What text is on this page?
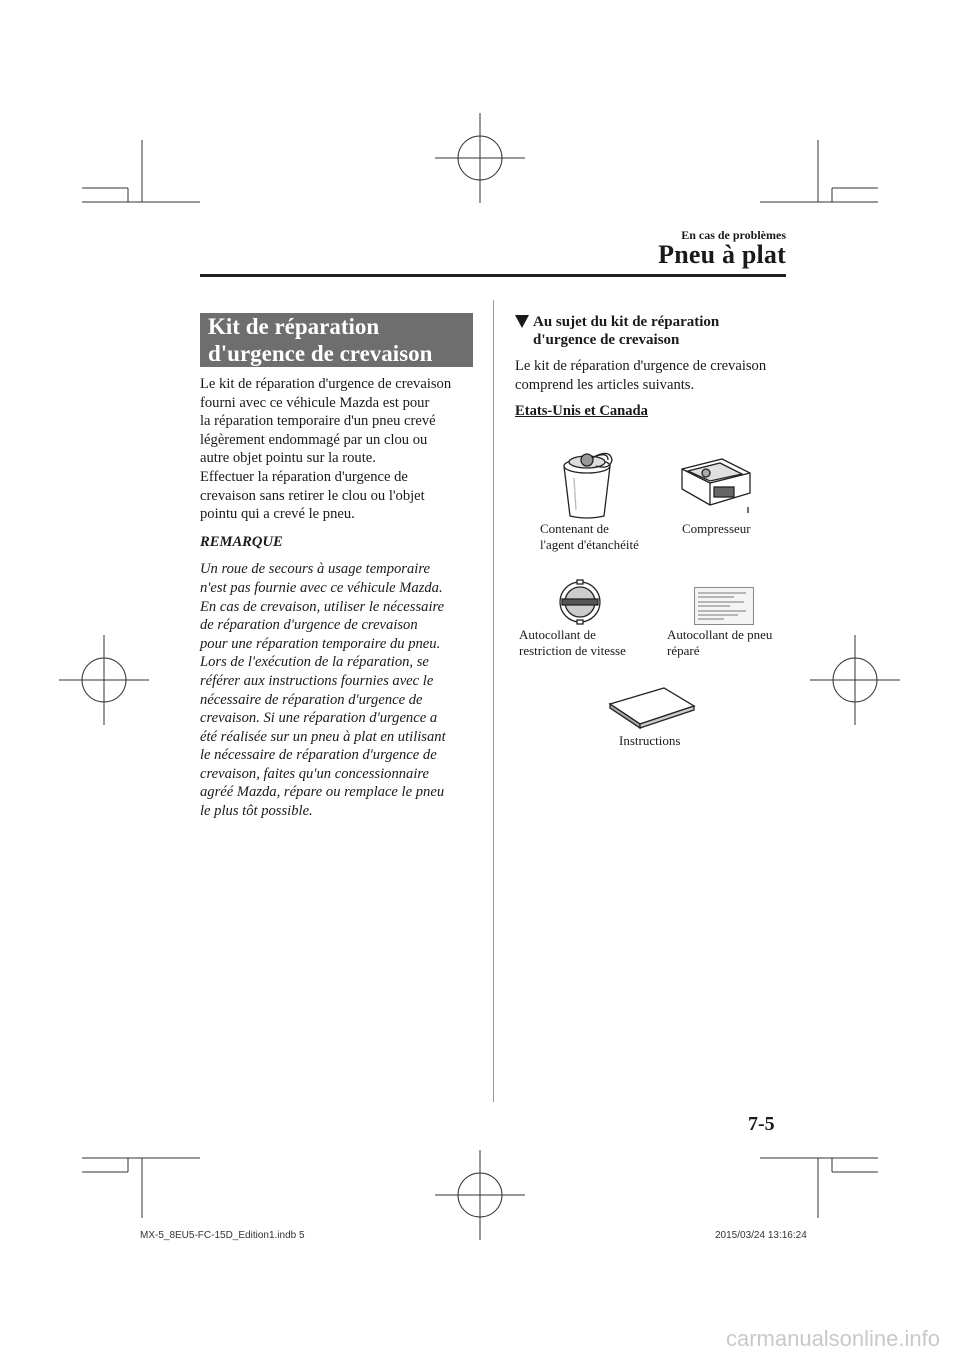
En cas de problèmes
Pneu à plat
Kit de réparation
d'urgence de crevaison

Le kit de réparation d'urgence de crevaison
fourni avec ce véhicule Mazda est pour
la réparation temporaire d'un pneu crevé
légèrement endommagé par un clou ou
autre objet pointu sur la route.
Effectuer la réparation d'urgence de
crevaison sans retirer le clou ou l'objet
pointu qui a crevé le pneu.

REMARQUE

Un roue de secours à usage temporaire
n'est pas fournie avec ce véhicule Mazda.
En cas de crevaison, utiliser le nécessaire
de réparation d'urgence de crevaison
pour une réparation temporaire du pneu.
Lors de l'exécution de la réparation, se
référer aux instructions fournies avec le
nécessaire de réparation d'urgence de
crevaison. Si une réparation d'urgence a
été réalisée sur un pneu à plat en utilisant
le nécessaire de réparation d'urgence de
crevaison, faites qu'un concessionnaire
agréé Mazda, répare ou remplace le pneu
le plus tôt possible.

Au sujet du kit de réparation
d'urgence de crevaison
Le kit de réparation d'urgence de crevaison
comprend les articles suivants.
Etats-Unis et Canada
Contenant de
l'agent d'étanchéité
Compresseur
Autocollant de
restriction de vitesse
Autocollant de pneu
réparé
Instructions
7-5
MX-5_8EU5-FC-15D_Edition1.indb 5	2015/03/24 13:16:24
carmanualsonline.info
